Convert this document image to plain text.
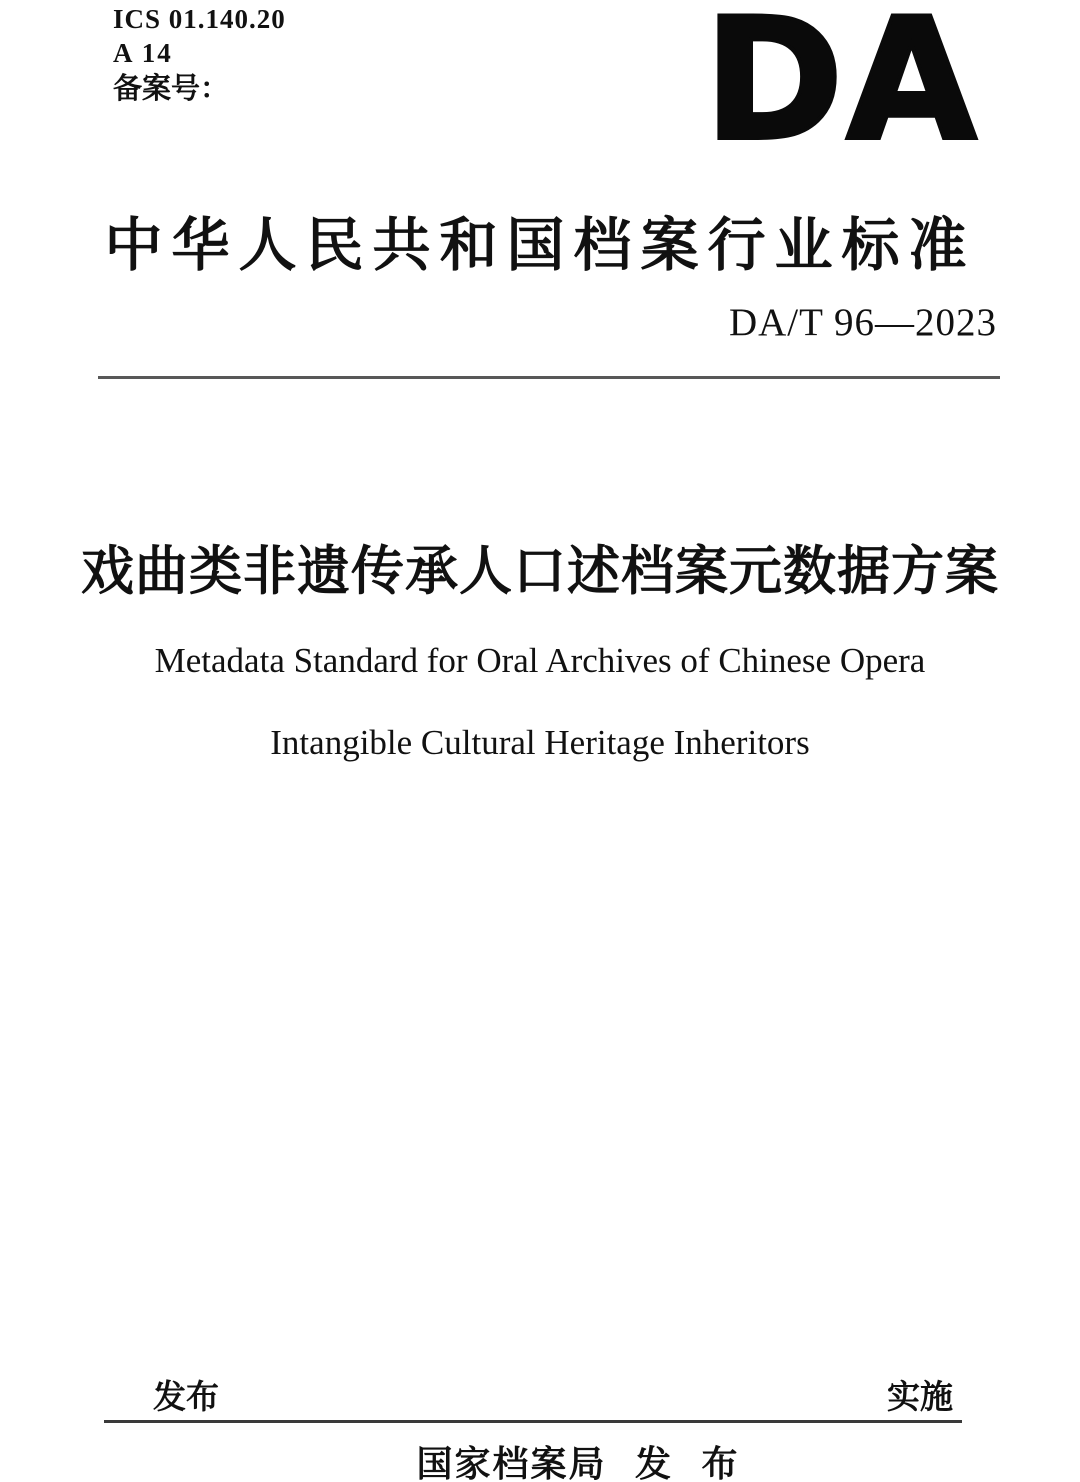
ICS 01.140.20
A 14
备案号：	DA
中华人民共和国档案行业标准
DA/T 96—2023
戏曲类非遗传承人口述档案元数据方案
Metadata Standard for Oral Archives of Chinese Opera
Intangible Cultural Heritage Inheritors
发布	实施
国家档案局 发 布
